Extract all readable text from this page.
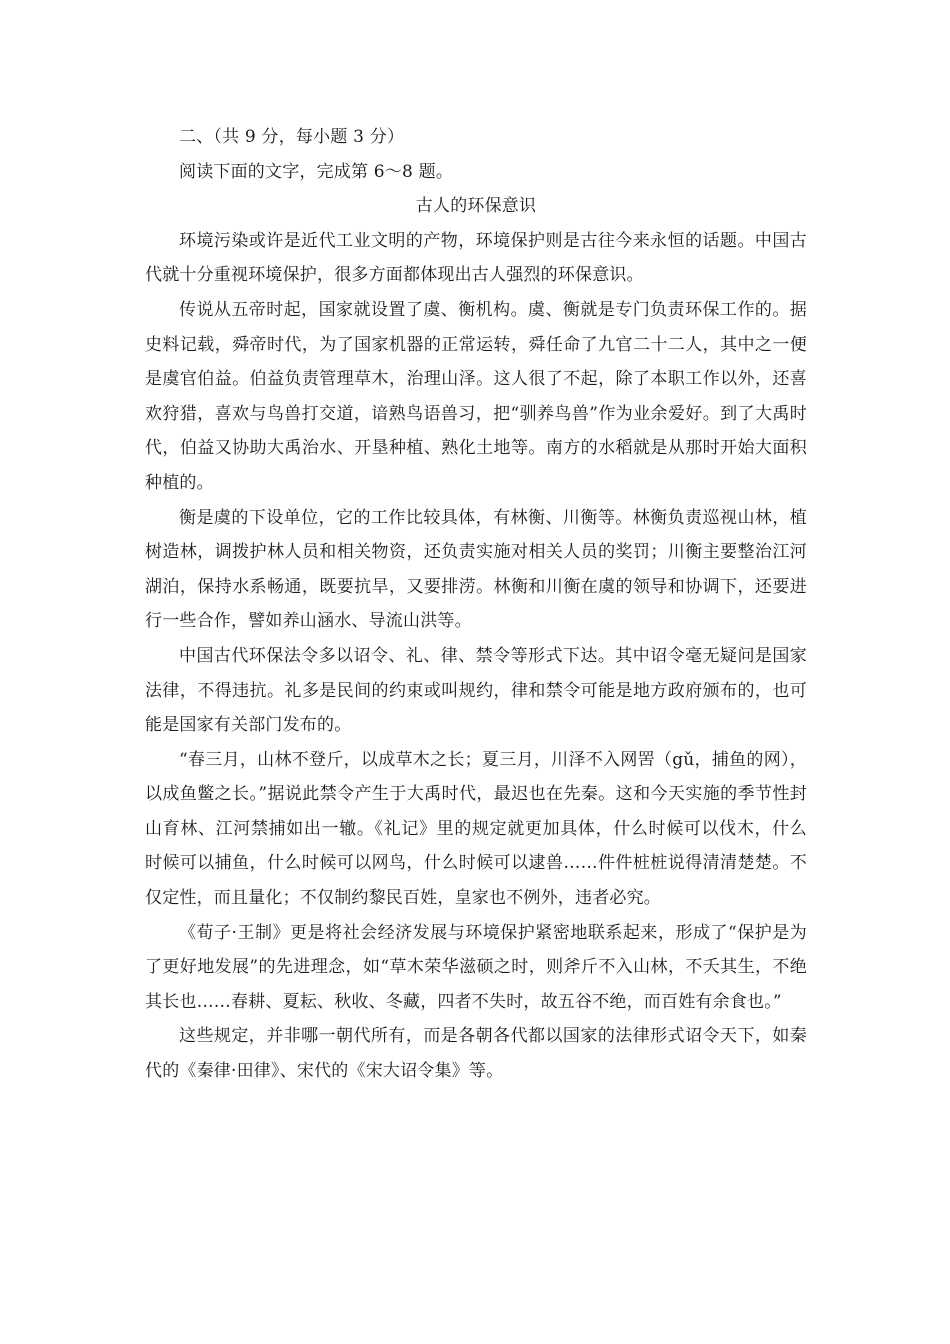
二、（共 9 分，每小题 3 分）

阅读下面的文字，完成第 6～8 题。

古人的环保意识

环境污染或许是近代工业文明的产物，环境保护则是古往今来永恒的话题。中国古代就十分重视环境保护，很多方面都体现出古人强烈的环保意识。

传说从五帝时起，国家就设置了虞、衡机构。虞、衡就是专门负责环保工作的。据史料记载，舜帝时代，为了国家机器的正常运转，舜任命了九官二十二人，其中之一便是虞官伯益。伯益负责管理草木，治理山泽。这人很了不起，除了本职工作以外，还喜欢狩猎，喜欢与鸟兽打交道，谙熟鸟语兽习，把“驯养鸟兽”作为业余爱好。到了大禹时代，伯益又协助大禹治水、开垦种植、熟化土地等。南方的水稻就是从那时开始大面积种植的。

衡是虞的下设单位，它的工作比较具体，有林衡、川衡等。林衡负责巡视山林，植树造林，调拨护林人员和相关物资，还负责实施对相关人员的奖罚；川衡主要整治江河湖泊，保持水系畅通，既要抗旱，又要排涝。林衡和川衡在虞的领导和协调下，还要进行一些合作，譬如养山涵水、导流山洪等。

中国古代环保法令多以诏令、礼、律、禁令等形式下达。其中诏令毫无疑问是国家法律，不得违抗。礼多是民间的约束或叫规约，律和禁令可能是地方政府颁布的，也可能是国家有关部门发布的。

“春三月，山林不登斤，以成草木之长；夏三月，川泽不入网罟（gǔ，捕鱼的网），以成鱼鳖之长。”据说此禁令产生于大禹时代，最迟也在先秦。这和今天实施的季节性封山育林、江河禁捕如出一辙。《礼记》里的规定就更加具体，什么时候可以伐木，什么时候可以捕鱼，什么时候可以网鸟，什么时候可以逮兽……件件桩桩说得清清楚楚。不仅定性，而且量化；不仅制约黎民百姓，皇家也不例外，违者必究。

《荀子·王制》更是将社会经济发展与环境保护紧密地联系起来，形成了“保护是为了更好地发展”的先进理念，如“草木荣华滋硕之时，则斧斤不入山林，不夭其生，不绝其长也……春耕、夏耘、秋收、冬藏，四者不失时，故五谷不绝，而百姓有余食也。”

这些规定，并非哪一朝代所有，而是各朝各代都以国家的法律形式诏令天下，如秦代的《秦律·田律》、宋代的《宋大诏令集》等。
